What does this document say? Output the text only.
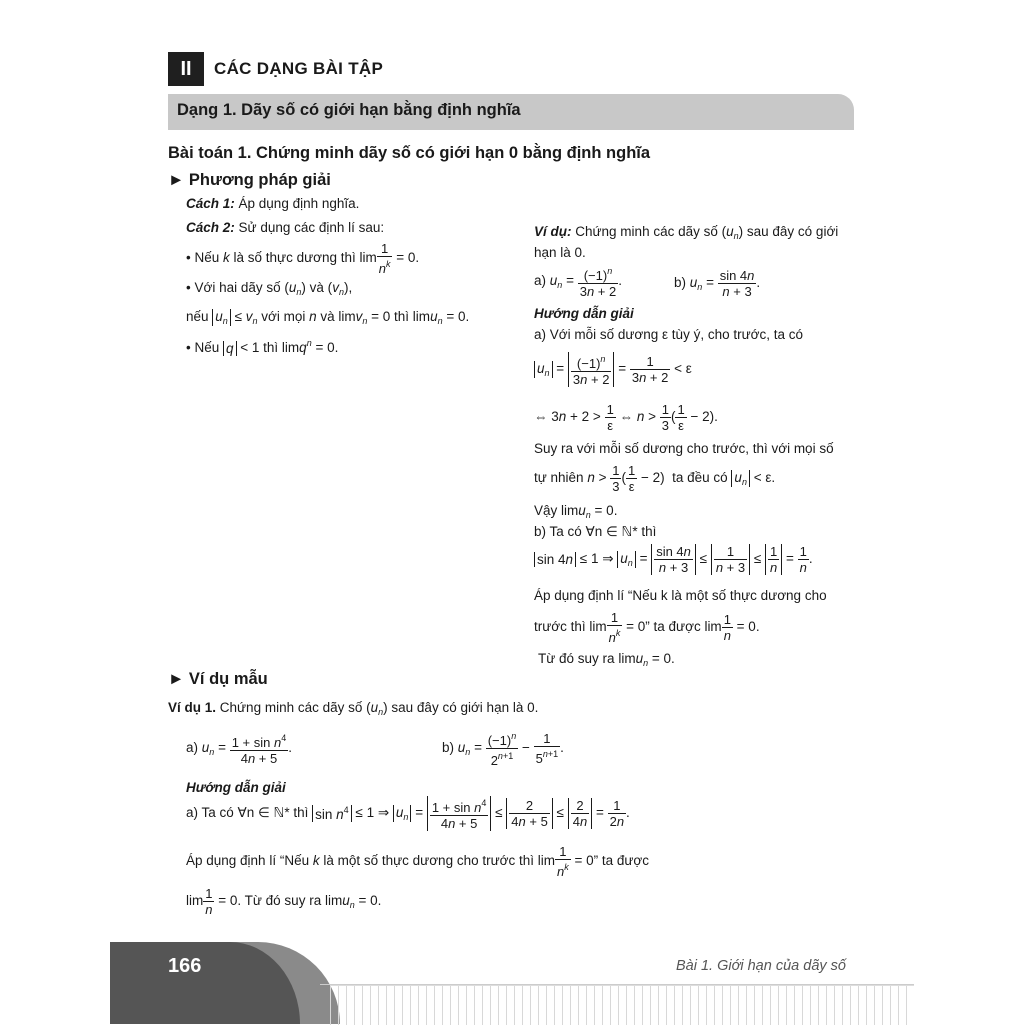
II	CÁC DẠNG BÀI TẬP
Dạng 1. Dãy số có giới hạn bằng định nghĩa
Bài toán 1. Chứng minh dãy số có giới hạn 0 bằng định nghĩa
► Phương pháp giải
Cách 1: Áp dụng định nghĩa.
Cách 2: Sử dụng các định lí sau:
• Nếu k là số thực dương thì $\lim \frac{1}{n^k} = 0$.
• Với hai dãy số $(u_n)$ và $(v_n)$,
nếu $u_n \le v_n$ với mọi n và limv$_n$ = 0 thì limu$_n$ = 0.
• Nếu q < 1 thì limq$^n$ = 0.
Ví dụ: Chứng minh các dãy số $(u_n)$ sau đây có giới
hạn là 0.
a) $u_n = \frac{(-1)^n}{3n + 2}$ .	b) $u_n = \frac{\sin 4n}{n + 3}$ .
Hướng dẫn giải
a) Với mỗi số dương ε tùy ý, cho trước, ta có
$u_n = \frac{(-1)^n}{3n + 2} = \frac{1}{3n + 2} < \varepsilon$
⇔ $3n + 2 > \frac{1}{\varepsilon}$ ⇔ $n > \frac{1}{3}$ ( $\frac{1}{\varepsilon} - 2$).
Suy ra với mỗi số dương cho trước, thì với mọi số
tự nhiên $n > \frac{1}{3}$ ( $\frac{1}{\varepsilon} - 2$)  ta đều có $u_n < \varepsilon$.
Vậy limu$_n$ = 0.
b) Ta có ∀n ∈ ℕ* thì
sin 4n ≤ 1 ⇒ $u_n = \frac{\sin 4n}{n + 3} \le \frac{1}{n + 3} \le \frac{1}{n} = \frac{1}{n}$ .
Áp dụng định lí “Nếu k là một số thực dương cho
trước thì $\lim \frac{1}{n^k} = 0$” ta được $\lim \frac{1}{n} = 0$.
Từ đó suy ra limu$_n$ = 0.
► Ví dụ mẫu
Ví dụ 1. Chứng minh các dãy số $(u_n)$ sau đây có giới hạn là 0.
a) $u_n = \frac{1 + \sin n^4}{4n + 5}$ .	b) $u_n = \frac{(-1)^n}{2^{n+1}} - \frac{1}{5^{n+1}}$ .
Hướng dẫn giải
a) Ta có ∀n ∈ ℕ* thì $\sin n^4 \le 1$ ⇒ $u_n = \frac{1 + \sin n^4}{4n + 5} \le \frac{2}{4n + 5} \le \frac{2}{4n} = \frac{1}{2n}$ .
Áp dụng định lí “Nếu k là một số thực dương cho trước thì $\lim \frac{1}{n^k} = 0$” ta được
$\lim \frac{1}{n} = 0$. Từ đó suy ra limu$_n$ = 0.
166	Bài 1. Giới hạn của dãy số
